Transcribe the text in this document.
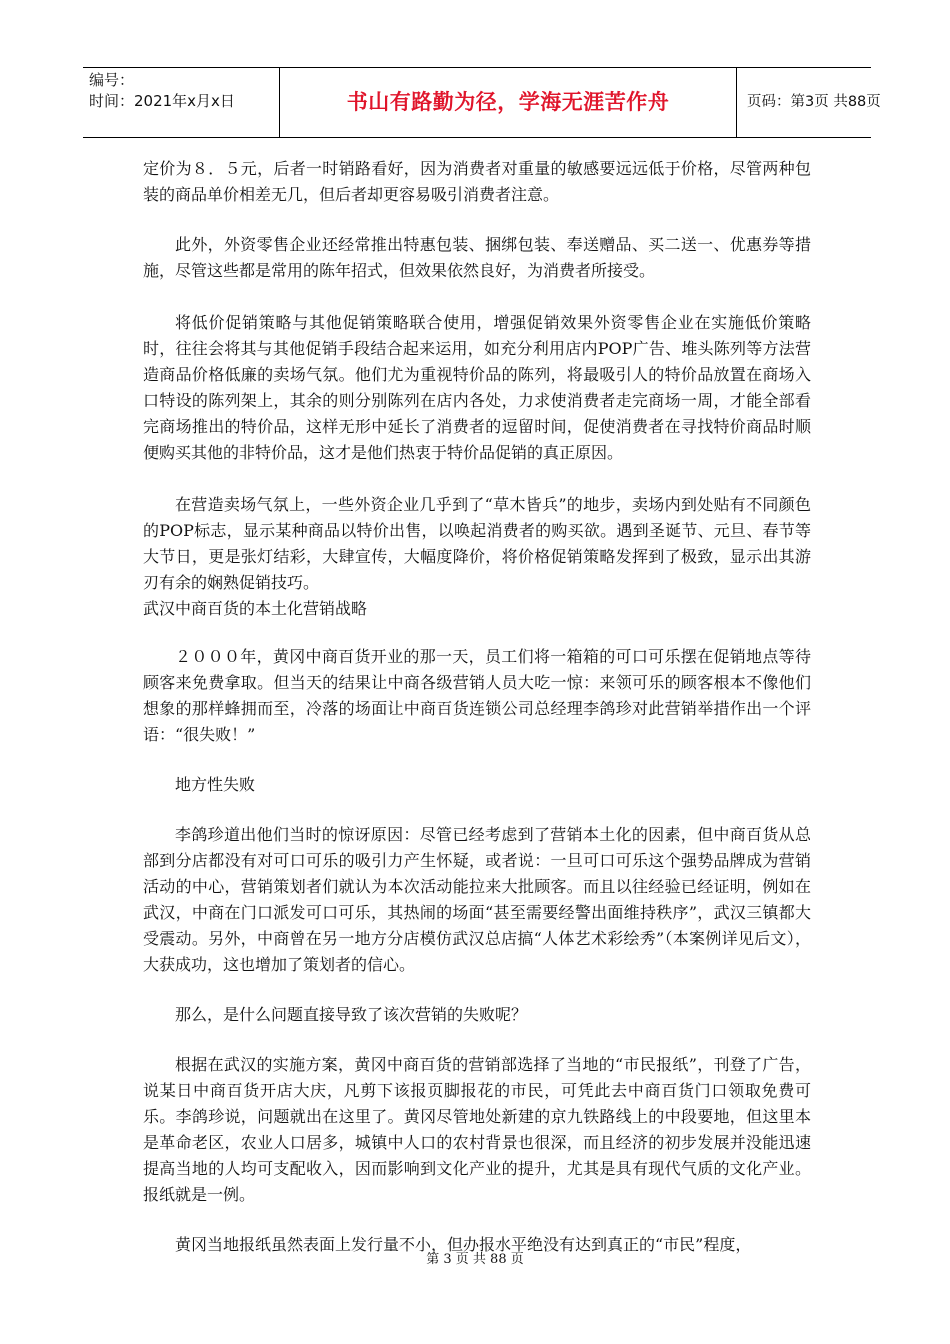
编号：
时间：2021年x月x日	书山有路勤为径，学海无涯苦作舟	页码：第3页 共88页

定价为８．５元，后者一时销路看好，因为消费者对重量的敏感要远远低于价格，尽管两种包装的商品单价相差无几，但后者却更容易吸引消费者注意。

此外，外资零售企业还经常推出特惠包装、捆绑包装、奉送赠品、买二送一、优惠券等措施，尽管这些都是常用的陈年招式，但效果依然良好，为消费者所接受。

将低价促销策略与其他促销策略联合使用，增强促销效果外资零售企业在实施低价策略时，往往会将其与其他促销手段结合起来运用，如充分利用店内POP广告、堆头陈列等方法营造商品价格低廉的卖场气氛。他们尤为重视特价品的陈列，将最吸引人的特价品放置在商场入口特设的陈列架上，其余的则分别陈列在店内各处，力求使消费者走完商场一周，才能全部看完商场推出的特价品，这样无形中延长了消费者的逗留时间，促使消费者在寻找特价商品时顺便购买其他的非特价品，这才是他们热衷于特价品促销的真正原因。

在营造卖场气氛上，一些外资企业几乎到了“草木皆兵”的地步，卖场内到处贴有不同颜色的POP标志，显示某种商品以特价出售，以唤起消费者的购买欲。遇到圣诞节、元旦、春节等大节日，更是张灯结彩，大肆宣传，大幅度降价，将价格促销策略发挥到了极致，显示出其游刃有余的娴熟促销技巧。

武汉中商百货的本土化营销战略

２０００年，黄冈中商百货开业的那一天，员工们将一箱箱的可口可乐摆在促销地点等待顾客来免费拿取。但当天的结果让中商各级营销人员大吃一惊：来领可乐的顾客根本不像他们想象的那样蜂拥而至，冷落的场面让中商百货连锁公司总经理李鸽珍对此营销举措作出一个评语：“很失败！”

地方性失败

李鸽珍道出他们当时的惊讶原因：尽管已经考虑到了营销本土化的因素，但中商百货从总部到分店都没有对可口可乐的吸引力产生怀疑，或者说：一旦可口可乐这个强势品牌成为营销活动的中心，营销策划者们就认为本次活动能拉来大批顾客。而且以往经验已经证明，例如在武汉，中商在门口派发可口可乐，其热闹的场面“甚至需要经警出面维持秩序”，武汉三镇都大受震动。另外，中商曾在另一地方分店模仿武汉总店搞“人体艺术彩绘秀”（本案例详见后文），大获成功，这也增加了策划者的信心。

那么，是什么问题直接导致了该次营销的失败呢？

根据在武汉的实施方案，黄冈中商百货的营销部选择了当地的“市民报纸”，刊登了广告，说某日中商百货开店大庆，凡剪下该报页脚报花的市民，可凭此去中商百货门口领取免费可乐。李鸽珍说，问题就出在这里了。黄冈尽管地处新建的京九铁路线上的中段要地，但这里本是革命老区，农业人口居多，城镇中人口的农村背景也很深，而且经济的初步发展并没能迅速提高当地的人均可支配收入，因而影响到文化产业的提升，尤其是具有现代气质的文化产业。报纸就是一例。

黄冈当地报纸虽然表面上发行量不小，但办报水平绝没有达到真正的“市民”程度，

第 3 页 共 88 页
